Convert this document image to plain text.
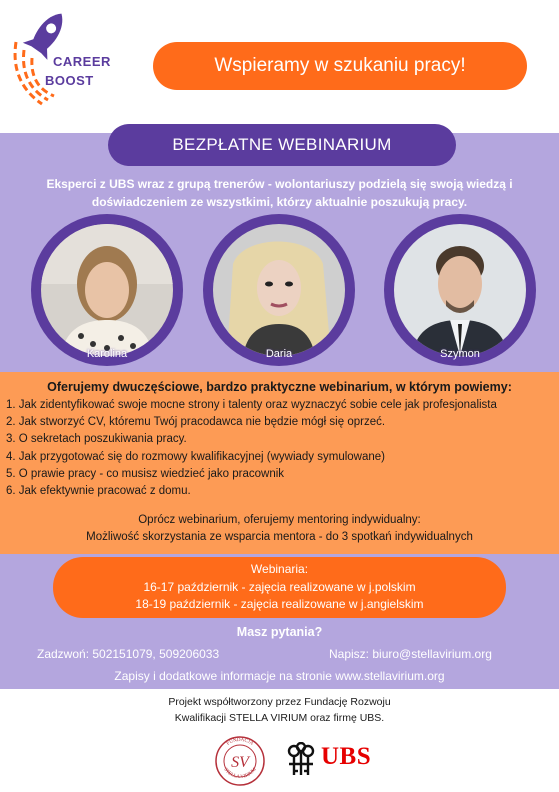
CAREER
BOOST
Wspieramy w szukaniu pracy!
BEZPŁATNE WEBINARIUM
Eksperci z UBS wraz z grupą trenerów - wolontariuszy podzielą się swoją wiedzą i doświadczeniem ze wszystkimi, którzy aktualnie poszukują pracy.
Karolina	Daria	Szymon
Oferujemy dwuczęściowe, bardzo praktyczne webinarium, w którym powiemy:
1. Jak zidentyfikować swoje mocne strony i talenty oraz wyznaczyć sobie cele jak profesjonalista
2. Jak stworzyć CV, któremu Twój pracodawca nie będzie mógł się oprzeć.
3. O sekretach poszukiwania pracy.
4. Jak przygotować się do rozmowy kwalifikacyjnej (wywiady symulowane)
5. O prawie pracy - co musisz wiedzieć jako pracownik
6. Jak efektywnie pracować z domu.
Oprócz webinarium, oferujemy mentoring indywidualny:
Możliwość skorzystania ze wsparcia mentora - do 3 spotkań indywidualnych
Webinaria:
16-17 październik - zajęcia realizowane w j.polskim
18-19 październik - zajęcia realizowane w j.angielskim
Masz pytania?
Zadzwoń: 502151079, 509206033	Napisz: biuro@stellavirium.org
Zapisy i dodatkowe informacje na stronie www.stellavirium.org
Projekt współtworzony przez Fundację Rozwoju
Kwalifikacji STELLA VIRIUM oraz firmę UBS.
SV
FUNDACJA
STELLA VIRIUM
UBS
